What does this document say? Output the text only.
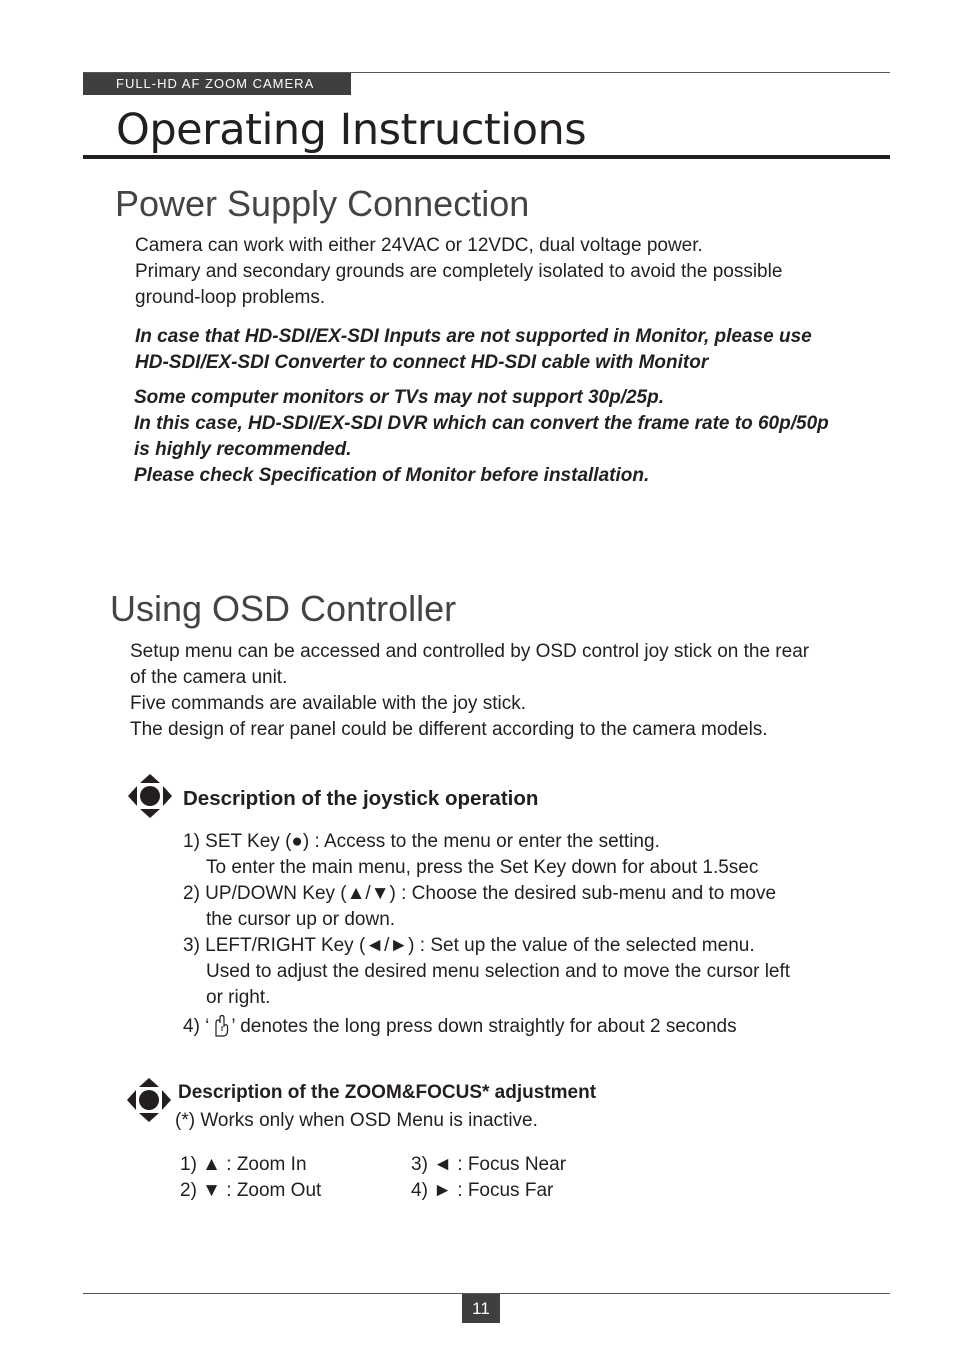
FULL-HD AF ZOOM CAMERA
Operating Instructions
Power Supply Connection
Camera can work with either 24VAC or 12VDC, dual voltage power.
Primary and secondary grounds are completely isolated to avoid the possible
ground-loop problems.
In case that HD-SDI/EX-SDI Inputs are not supported in Monitor, please use
HD-SDI/EX-SDI Converter to connect HD-SDI cable with Monitor
Some computer monitors or TVs may not support 30p/25p.
In this case, HD-SDI/EX-SDI DVR which can convert the frame rate to 60p/50p
is highly recommended.
Please check Specification of Monitor before installation.
Using OSD Controller
Setup menu can be accessed and controlled by OSD control joy stick on the rear
of the camera unit.
Five commands are available with the joy stick.
The design of rear panel could be different according to the camera models.
Description of the joystick operation
1) SET Key (●) : Access to the menu or enter the setting.
To enter the main menu, press the Set Key down for about 1.5sec
2) UP/DOWN Key (▲/▼) : Choose the desired sub-menu and to move
the cursor up or down.
3) LEFT/RIGHT Key (◄/►) : Set up the value of the selected menu.
Used to adjust the desired menu selection and to move the cursor left
or right.
4) ‘ ’ denotes the long press down straightly for about 2 seconds
Description of the ZOOM&FOCUS* adjustment
(*) Works only when OSD Menu is inactive.
1) ▲ : Zoom In
2) ▼ : Zoom Out
3) ◄ : Focus Near
4) ► : Focus Far
11
